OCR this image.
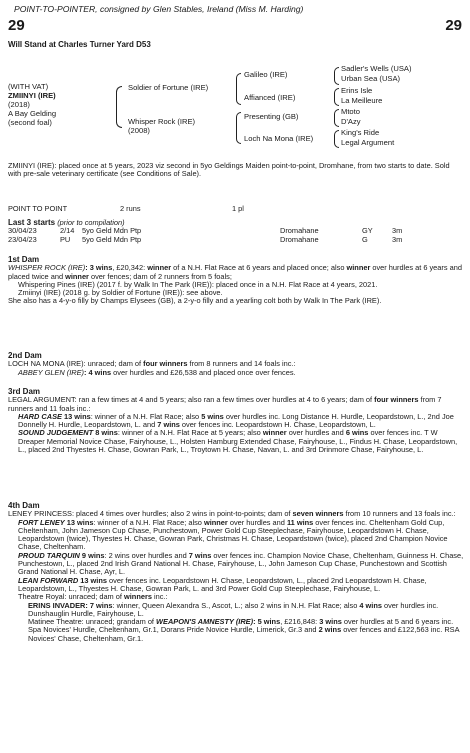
POINT-TO-POINTER, consigned by Glen Stables, Ireland (Miss M. Harding)
29	29
Will Stand at Charles Turner Yard D53
(WITH VAT)
ZMIINYI (IRE)
(2018)
A Bay Gelding
(second foal)
Soldier of Fortune (IRE)
Whisper Rock (IRE)
(2008)
Galileo (IRE)
Affianced (IRE)
Presenting (GB)
Loch Na Mona (IRE)
Sadler's Wells (USA)
Urban Sea (USA)
Erins Isle
La Meilleure
Mtoto
D'Azy
King's Ride
Legal Argument
ZMIINYI (IRE): placed once at 5 years, 2023 viz second in 5yo Geldings Maiden point-to-point, Dromhane, from two starts to date. Sold with pre-sale veterinary certificate (see Conditions of Sale).
POINT TO POINT	2 runs	1 pl
Last 3 starts (prior to compilation)
30/04/23	2/14 5yo Geld Mdn Ptp	Dromahane	GY	3m
23/04/23	PU 5yo Geld Mdn Ptp	Dromahane	G	3m
1st Dam
WHISPER ROCK (IRE): 3 wins, £20,342: winner of a N.H. Flat Race at 6 years and placed once; also winner over hurdles at 6 years and placed twice and winner over fences; dam of 2 runners from 5 foals;
Whispering Pines (IRE) (2017 f. by Walk In The Park (IRE)): placed once in a N.H. Flat Race at 4 years, 2021.
Zmiinyi (IRE) (2018 g. by Soldier of Fortune (IRE)): see above.
She also has a 4-y-o filly by Champs Elysees (GB), a 2-y-o filly and a yearling colt both by Walk In The Park (IRE).
2nd Dam
LOCH NA MONA (IRE): unraced; dam of four winners from 8 runners and 14 foals inc.:
ABBEY GLEN (IRE): 4 wins over hurdles and £26,538 and placed once over fences.
3rd Dam
LEGAL ARGUMENT: ran a few times at 4 and 5 years; also ran a few times over hurdles at 4 to 6 years; dam of four winners from 7 runners and 11 foals inc.:
HARD CASE 13 wins: winner of a N.H. Flat Race; also 5 wins over hurdles inc. Long Distance H. Hurdle, Leopardstown, L., 2nd Joe Donnelly H. Hurdle, Leopardstown, L. and 7 wins over fences inc. Leopardstown H. Chase, Leopardstown, L.
SOUND JUDGEMENT 8 wins: winner of a N.H. Flat Race at 5 years; also winner over hurdles and 6 wins over fences inc. T W Dreaper Memorial Novice Chase, Fairyhouse, L., Holsten Hamburg Extended Chase, Fairyhouse, L., Findus H. Chase, Leopardstown, L., placed 2nd Thyestes H. Chase, Gowran Park, L., Troytown H. Chase, Navan, L. and 3rd Drinmore Chase, Fairyhouse, L.
4th Dam
LENEY PRINCESS: placed 4 times over hurdles; also 2 wins in point-to-points; dam of seven winners from 10 runners and 13 foals inc.:
FORT LENEY 13 wins: winner of a N.H. Flat Race; also winner over hurdles and 11 wins over fences inc. Cheltenham Gold Cup, Cheltenham, John Jameson Cup Chase, Punchestown, Power Gold Cup Steeplechase, Fairyhouse, Leopardstown H. Chase, Leopardstown (twice), Thyestes H. Chase, Gowran Park, Christmas H. Chase, Leopardstown (twice), placed 2nd Champion Novice Chase, Cheltenham.
PROUD TARQUIN 9 wins: 2 wins over hurdles and 7 wins over fences inc. Champion Novice Chase, Cheltenham, Guinness H. Chase, Punchestown, L., placed 2nd Irish Grand National H. Chase, Fairyhouse, L., John Jameson Cup Chase, Punchestown and Scottish Grand National H. Chase, Ayr, L.
LEAN FORWARD 13 wins over fences inc. Leopardstown H. Chase, Leopardstown, L., placed 2nd Leopardstown H. Chase, Leopardstown, L., Thyestes H. Chase, Gowran Park, L. and 3rd Power Gold Cup Steeplechase, Fairyhouse, L.
Theatre Royal: unraced; dam of winners inc.:
ERINS INVADER: 7 wins: winner, Queen Alexandra S., Ascot, L.; also 2 wins in N.H. Flat Race; also 4 wins over hurdles inc. Dunshauglin Hurdle, Fairyhouse, L.
Matinee Theatre: unraced; grandam of WEAPON'S AMNESTY (IRE): 5 wins, £216,848: 3 wins over hurdles at 5 and 6 years inc. Spa Novices' Hurdle, Cheltenham, Gr.1, Dorans Pride Novice Hurdle, Limerick, Gr.3 and 2 wins over fences and £122,563 inc. RSA Novices' Chase, Cheltenham, Gr.1.
